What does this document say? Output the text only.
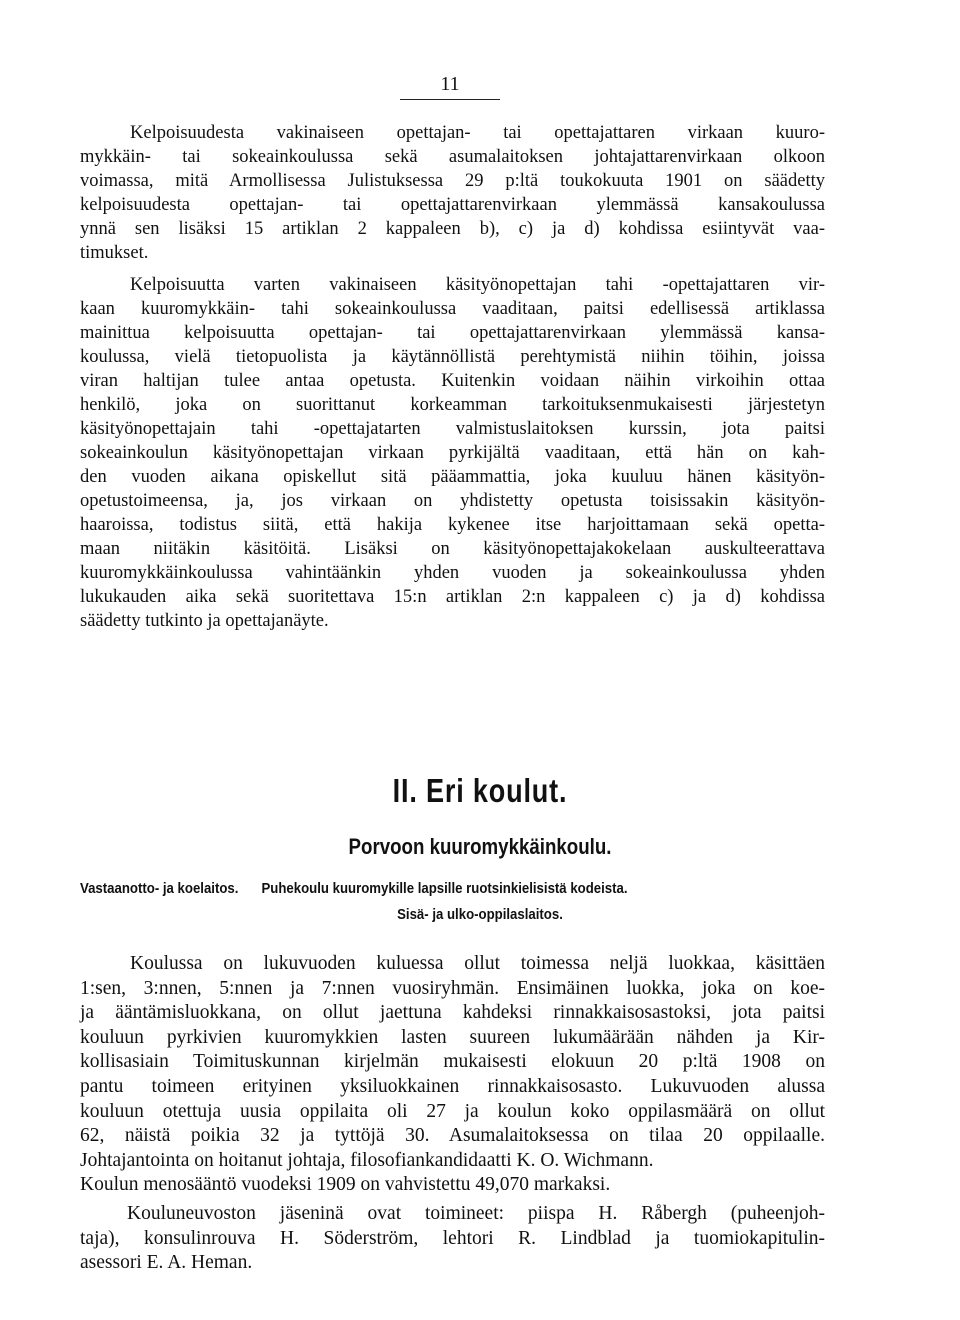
11
Kelpoisuudesta vakinaiseen opettajan- tai opettajattaren virkaan kuuro-
mykkäin- tai sokeainkoulussa sekä asumalaitoksen johtajattarenvirkaan olkoon
voimassa, mitä Armollisessa Julistuksessa 29 p:ltä toukokuuta 1901 on säädetty
kelpoisuudesta opettajan- tai opettajattarenvirkaan ylemmässä kansakoulussa
ynnä sen lisäksi 15 artiklan 2 kappaleen b), c) ja d) kohdissa esiintyvät vaa-
timukset.
Kelpoisuutta varten vakinaiseen käsityönopettajan tahi -opettajattaren vir-
kaan kuuromykkäin- tahi sokeainkoulussa vaaditaan, paitsi edellisessä artiklassa
mainittua kelpoisuutta opettajan- tai opettajattarenvirkaan ylemmässä kansa-
koulussa, vielä tietopuolista ja käytännöllistä perehtymistä niihin töihin, joissa
viran haltijan tulee antaa opetusta. Kuitenkin voidaan näihin virkoihin ottaa
henkilö, joka on suorittanut korkeamman tarkoituksenmukaisesti järjestetyn
käsityönopettajain tahi -opettajatarten valmistuslaitoksen kurssin, jota paitsi
sokeainkoulun käsityönopettajan virkaan pyrkijältä vaaditaan, että hän on kah-
den vuoden aikana opiskellut sitä pääammattia, joka kuuluu hänen käsityön-
opetustoimeensa, ja, jos virkaan on yhdistetty opetusta toisissakin käsityön-
haaroissa, todistus siitä, että hakija kykenee itse harjoittamaan sekä opetta-
maan niitäkin käsitöitä. Lisäksi on käsityönopettajakokelaan auskulteerattava
kuuromykkäinkoulussa vahintäänkin yhden vuoden ja sokeainkoulussa yhden
lukukauden aika sekä suoritettava 15:n artiklan 2:n kappaleen c) ja d) kohdissa
säädetty tutkinto ja opettajanäyte.
II. Eri koulut.
Porvoon kuuromykkäinkoulu.
Vastaanotto- ja koelaitos. Puhekoulu kuuromykille lapsille ruotsinkielisistä kodeista.
Sisä- ja ulko-oppilaslaitos.
Koulussa on lukuvuoden kuluessa ollut toimessa neljä luokkaa, käsittäen
1:sen, 3:nnen, 5:nnen ja 7:nnen vuosiryhmän. Ensimäinen luokka, joka on koe-
ja ääntämisluokkana, on ollut jaettuna kahdeksi rinnakkaisosastoksi, jota paitsi
kouluun pyrkivien kuuromykkien lasten suureen lukumäärään nähden ja Kir-
kollisasiain Toimituskunnan kirjelmän mukaisesti elokuun 20 p:ltä 1908 on
pantu toimeen erityinen yksiluokkainen rinnakkaisosasto. Lukuvuoden alussa
kouluun otettuja uusia oppilaita oli 27 ja koulun koko oppilasmäärä on ollut
62, näistä poikia 32 ja tyttöjä 30. Asumalaitoksessa on tilaa 20 oppilaalle.
Johtajantointa on hoitanut johtaja, filosofiankandidaatti K. O. Wichmann.
Koulun menosääntö vuodeksi 1909 on vahvistettu 49,070 markaksi.
Kouluneuvoston jäseninä ovat toimineet: piispa H. Råbergh (puheenjoh-
taja), konsulinrouva H. Söderström, lehtori R. Lindblad ja tuomiokapitulin-
asessori E. A. Heman.
